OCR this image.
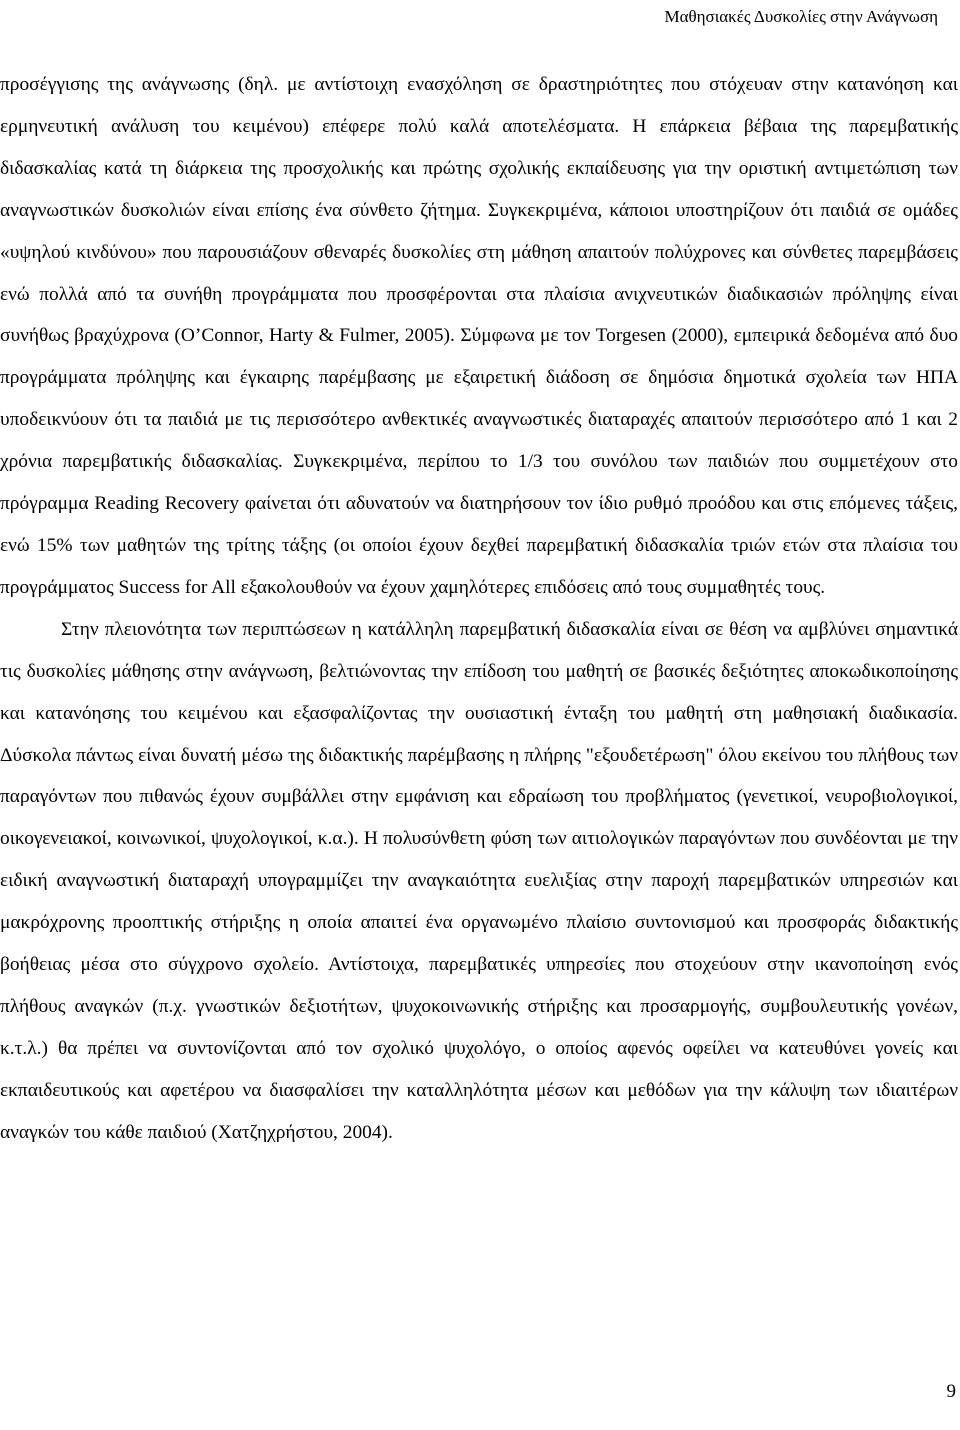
Μαθησιακές Δυσκολίες στην Ανάγνωση

προσέγγισης της ανάγνωσης (δηλ. με αντίστοιχη ενασχόληση σε δραστηριότητες που στόχευαν στην κατανόηση και ερμηνευτική ανάλυση του κειμένου) επέφερε πολύ καλά αποτελέσματα. Η επάρκεια βέβαια της παρεμβατικής διδασκαλίας κατά τη διάρκεια της προσχολικής και πρώτης σχολικής εκπαίδευσης για την οριστική αντιμετώπιση των αναγνωστικών δυσκολιών είναι επίσης ένα σύνθετο ζήτημα. Συγκεκριμένα, κάποιοι υποστηρίζουν ότι παιδιά σε ομάδες «υψηλού κινδύνου» που παρουσιάζουν σθεναρές δυσκολίες στη μάθηση απαιτούν πολύχρονες και σύνθετες παρεμβάσεις ενώ πολλά από τα συνήθη προγράμματα που προσφέρονται στα πλαίσια ανιχνευτικών διαδικασιών πρόληψης είναι συνήθως βραχύχρονα (O’Connor, Harty & Fulmer, 2005). Σύμφωνα με τον Torgesen (2000), εμπειρικά δεδομένα από δυο προγράμματα πρόληψης και έγκαιρης παρέμβασης με εξαιρετική διάδοση σε δημόσια δημοτικά σχολεία των ΗΠΑ υποδεικνύουν ότι τα παιδιά με τις περισσότερο ανθεκτικές αναγνωστικές διαταραχές απαιτούν περισσότερο από 1 και 2 χρόνια παρεμβατικής διδασκαλίας. Συγκεκριμένα, περίπου το 1/3 του συνόλου των παιδιών που συμμετέχουν στο πρόγραμμα Reading Recovery φαίνεται ότι αδυνατούν να διατηρήσουν τον ίδιο ρυθμό προόδου και στις επόμενες τάξεις, ενώ 15% των μαθητών της τρίτης τάξης (οι οποίοι έχουν δεχθεί παρεμβατική διδασκαλία τριών ετών στα πλαίσια του προγράμματος Success for All εξακολουθούν να έχουν χαμηλότερες επιδόσεις από τους συμμαθητές τους.

Στην πλειονότητα των περιπτώσεων η κατάλληλη παρεμβατική διδασκαλία είναι σε θέση να αμβλύνει σημαντικά τις δυσκολίες μάθησης στην ανάγνωση, βελτιώνοντας την επίδοση του μαθητή σε βασικές δεξιότητες αποκωδικοποίησης και κατανόησης του κειμένου και εξασφαλίζοντας την ουσιαστική ένταξη του μαθητή στη μαθησιακή διαδικασία. Δύσκολα πάντως είναι δυνατή μέσω της διδακτικής παρέμβασης η πλήρης "εξουδετέρωση" όλου εκείνου του πλήθους των παραγόντων που πιθανώς έχουν συμβάλλει στην εμφάνιση και εδραίωση του προβλήματος (γενετικοί, νευροβιολογικοί, οικογενειακοί, κοινωνικοί, ψυχολογικοί, κ.α.). Η πολυσύνθετη φύση των αιτιολογικών παραγόντων που συνδέονται με την ειδική αναγνωστική διαταραχή υπογραμμίζει την αναγκαιότητα ευελιξίας στην παροχή παρεμβατικών υπηρεσιών και μακρόχρονης προοπτικής στήριξης η οποία απαιτεί ένα οργανωμένο πλαίσιο συντονισμού και προσφοράς διδακτικής βοήθειας μέσα στο σύγχρονο σχολείο. Αντίστοιχα, παρεμβατικές υπηρεσίες που στοχεύουν στην ικανοποίηση ενός πλήθους αναγκών (π.χ. γνωστικών δεξιοτήτων, ψυχοκοινωνικής στήριξης και προσαρμογής, συμβουλευτικής γονέων, κ.τ.λ.) θα πρέπει να συντονίζονται από τον σχολικό ψυχολόγο, ο οποίος αφενός οφείλει να κατευθύνει γονείς και εκπαιδευτικούς και αφετέρου να διασφαλίσει την καταλληλότητα μέσων και μεθόδων για την κάλυψη των ιδιαιτέρων αναγκών του κάθε παιδιού (Χατζηχρήστου, 2004).

9
